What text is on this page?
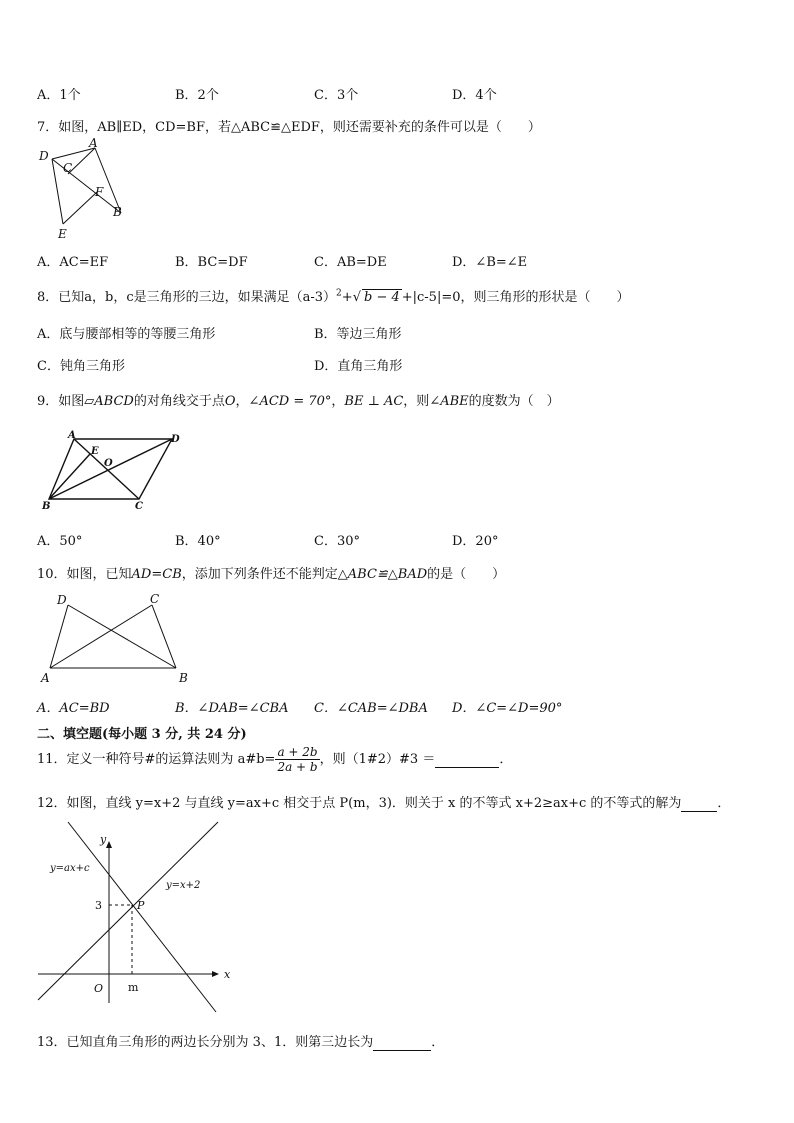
A．1个	B．2个	C．3个	D．4个
7．如图，AB∥ED，CD=BF，若△ABC≌△EDF，则还需要补充的条件可以是（　　）
D
C
A
F
B
E
A．AC=EF	B．BC=DF	C．AB=DE	D．∠B=∠E
8．已知a，b，c是三角形的三边，如果满足$(a-3)^2+√$ b − 4 +|c-5|=0，则三角形的形状是（　　）
A．底与腰部相等的等腰三角形	B．等边三角形
C．钝角三角形	D．直角三角形
9．如图▱ABCD的对角线交于点O，∠ACD = 70°，BE ⊥ AC，则∠ABE的度数为（　）
A
E
D
O
B	C
A．50°	B．40°	C．30°	D．20°
10．如图，已知AD=CB，添加下列条件还不能判定△ABC≌△BAD的是（　　）
D	C
A	B
A．AC=BD	B．∠DAB=∠CBA C．∠CAB=∠DBA D．∠C=∠D=90°
二、填空题(每小题 3 分, 共 24 分)
11．定义一种符号#的运算法则为 a#b= $\frac{a + 2b}{2a + b}$ ，则（1#2）#3 ＝	．
12．如图，直线 y=x+2 与直线 y=ax+c 相交于点 P(m，3)．则关于 x 的不等式 x+2≥ax+c 的不等式的解为	．
y
x
O m
3	P
y=ax+c
y=x+2
13．已知直角三角形的两边长分别为 3、1．则第三边长为	．
